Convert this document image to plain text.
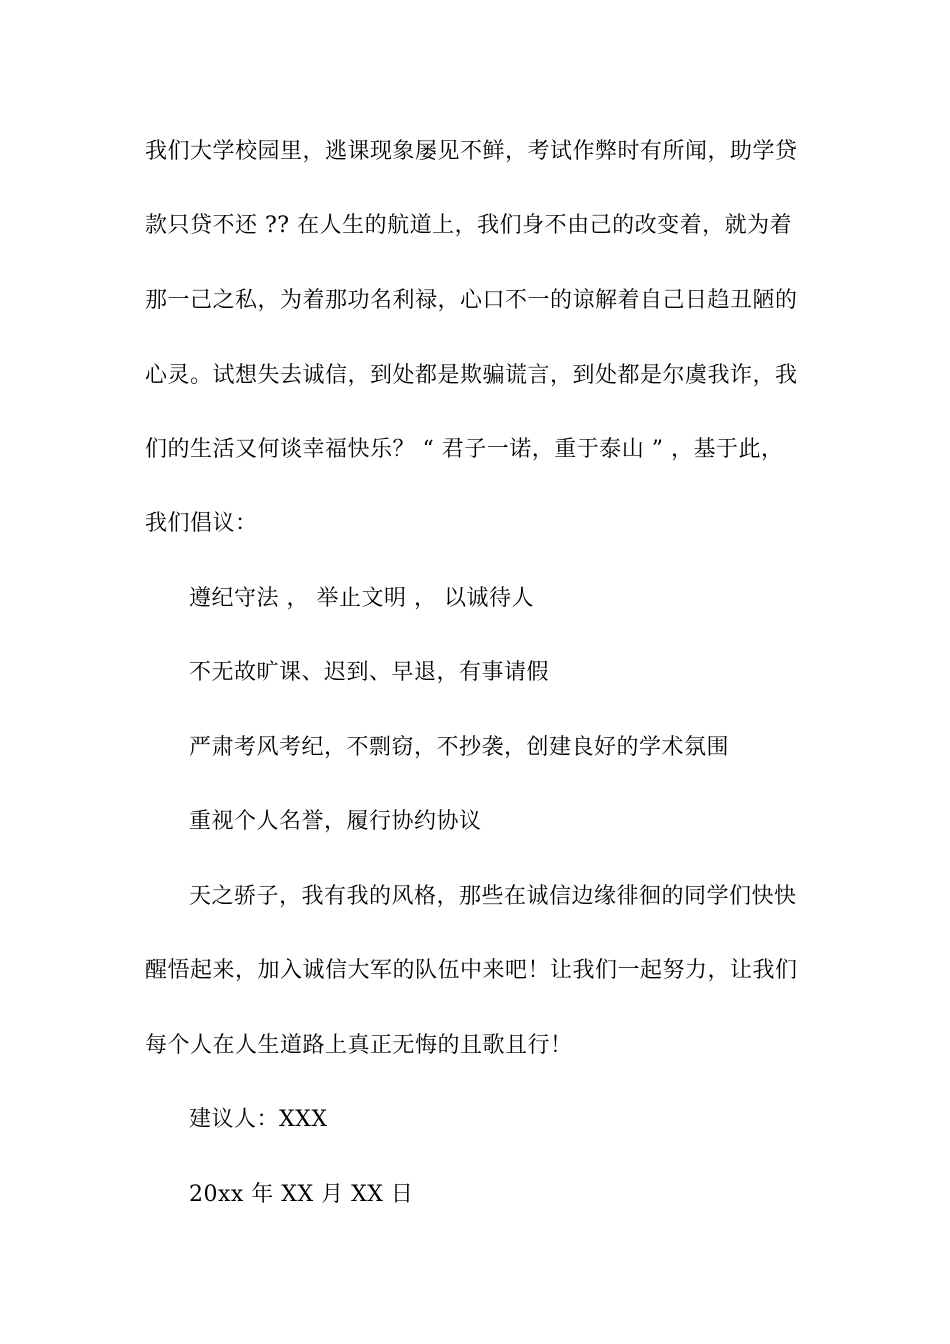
我们大学校园里，逃课现象屡见不鲜，考试作弊时有所闻，助学贷
款只贷不还 ?? 在人生的航道上，我们身不由己的改变着，就为着
那一己之私，为着那功名利禄，心口不一的谅解着自己日趋丑陋的
心灵。试想失去诚信，到处都是欺骗谎言，到处都是尔虞我诈，我
们的生活又何谈幸福快乐？ “ 君子一诺，重于泰山 ” ，基于此，
我们倡议：
遵纪守法 ， 举止文明 ， 以诚待人
不无故旷课、迟到、早退，有事请假
严肃考风考纪，不剽窃，不抄袭，创建良好的学术氛围
重视个人名誉，履行协约协议
天之骄子，我有我的风格，那些在诚信边缘徘徊的同学们快快
醒悟起来，加入诚信大军的队伍中来吧！让我们一起努力，让我们
每个人在人生道路上真正无悔的且歌且行！
建议人：XXX
20xx 年 XX 月 XX 日
